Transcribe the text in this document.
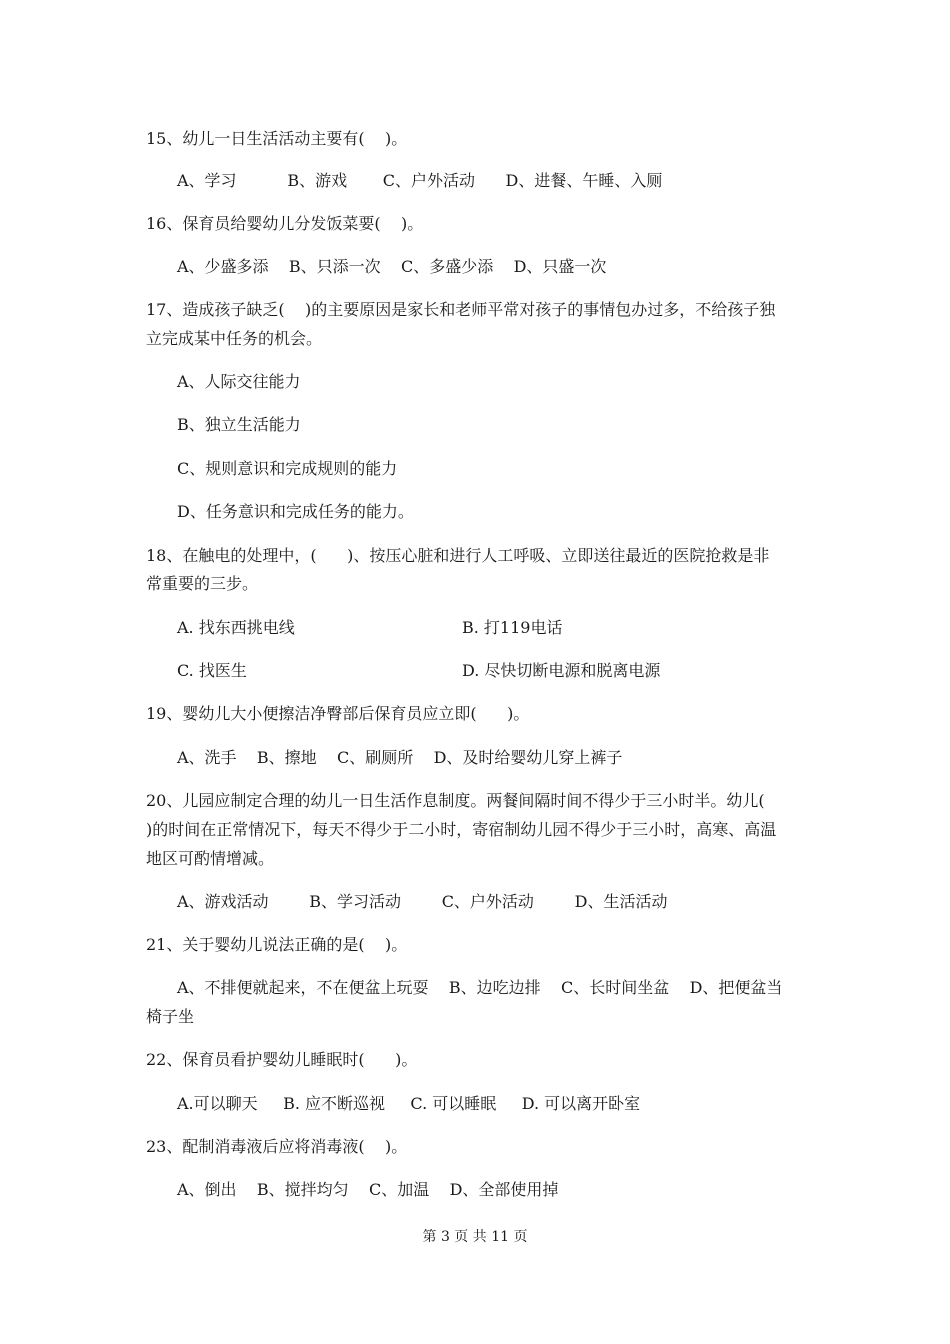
15、幼儿一日生活活动主要有(    )。
A、学习          B、游戏       C、户外活动      D、进餐、午睡、入厕
16、保育员给婴幼儿分发饭菜要(    )。
A、少盛多添    B、只添一次    C、多盛少添    D、只盛一次
17、造成孩子缺乏(    )的主要原因是家长和老师平常对孩子的事情包办过多，不给孩子独
立完成某中任务的机会。
A、人际交往能力
B、独立生活能力
C、规则意识和完成规则的能力
D、任务意识和完成任务的能力。
18、在触电的处理中，(      )、按压心脏和进行人工呼吸、立即送往最近的医院抢救是非
常重要的三步。
A. 找东西挑电线	B. 打119电话
C. 找医生	D. 尽快切断电源和脱离电源
19、婴幼儿大小便擦洁净臀部后保育员应立即(      )。
A、洗手    B、擦地    C、刷厕所    D、及时给婴幼儿穿上裤子
20、儿园应制定合理的幼儿一日生活作息制度。两餐间隔时间不得少于三小时半。幼儿(
)的时间在正常情况下，每天不得少于二小时，寄宿制幼儿园不得少于三小时，高寒、高温
地区可酌情增减。
A、游戏活动        B、学习活动        C、户外活动        D、生活活动
21、关于婴幼儿说法正确的是(    )。
A、不排便就起来，不在便盆上玩耍    B、边吃边排    C、长时间坐盆    D、把便盆当
椅子坐
22、保育员看护婴幼儿睡眠时(      )。
A.可以聊天     B. 应不断巡视     C. 可以睡眠     D. 可以离开卧室
23、配制消毒液后应将消毒液(    )。
A、倒出    B、搅拌均匀    C、加温    D、全部使用掉
第 3 页 共 11 页
